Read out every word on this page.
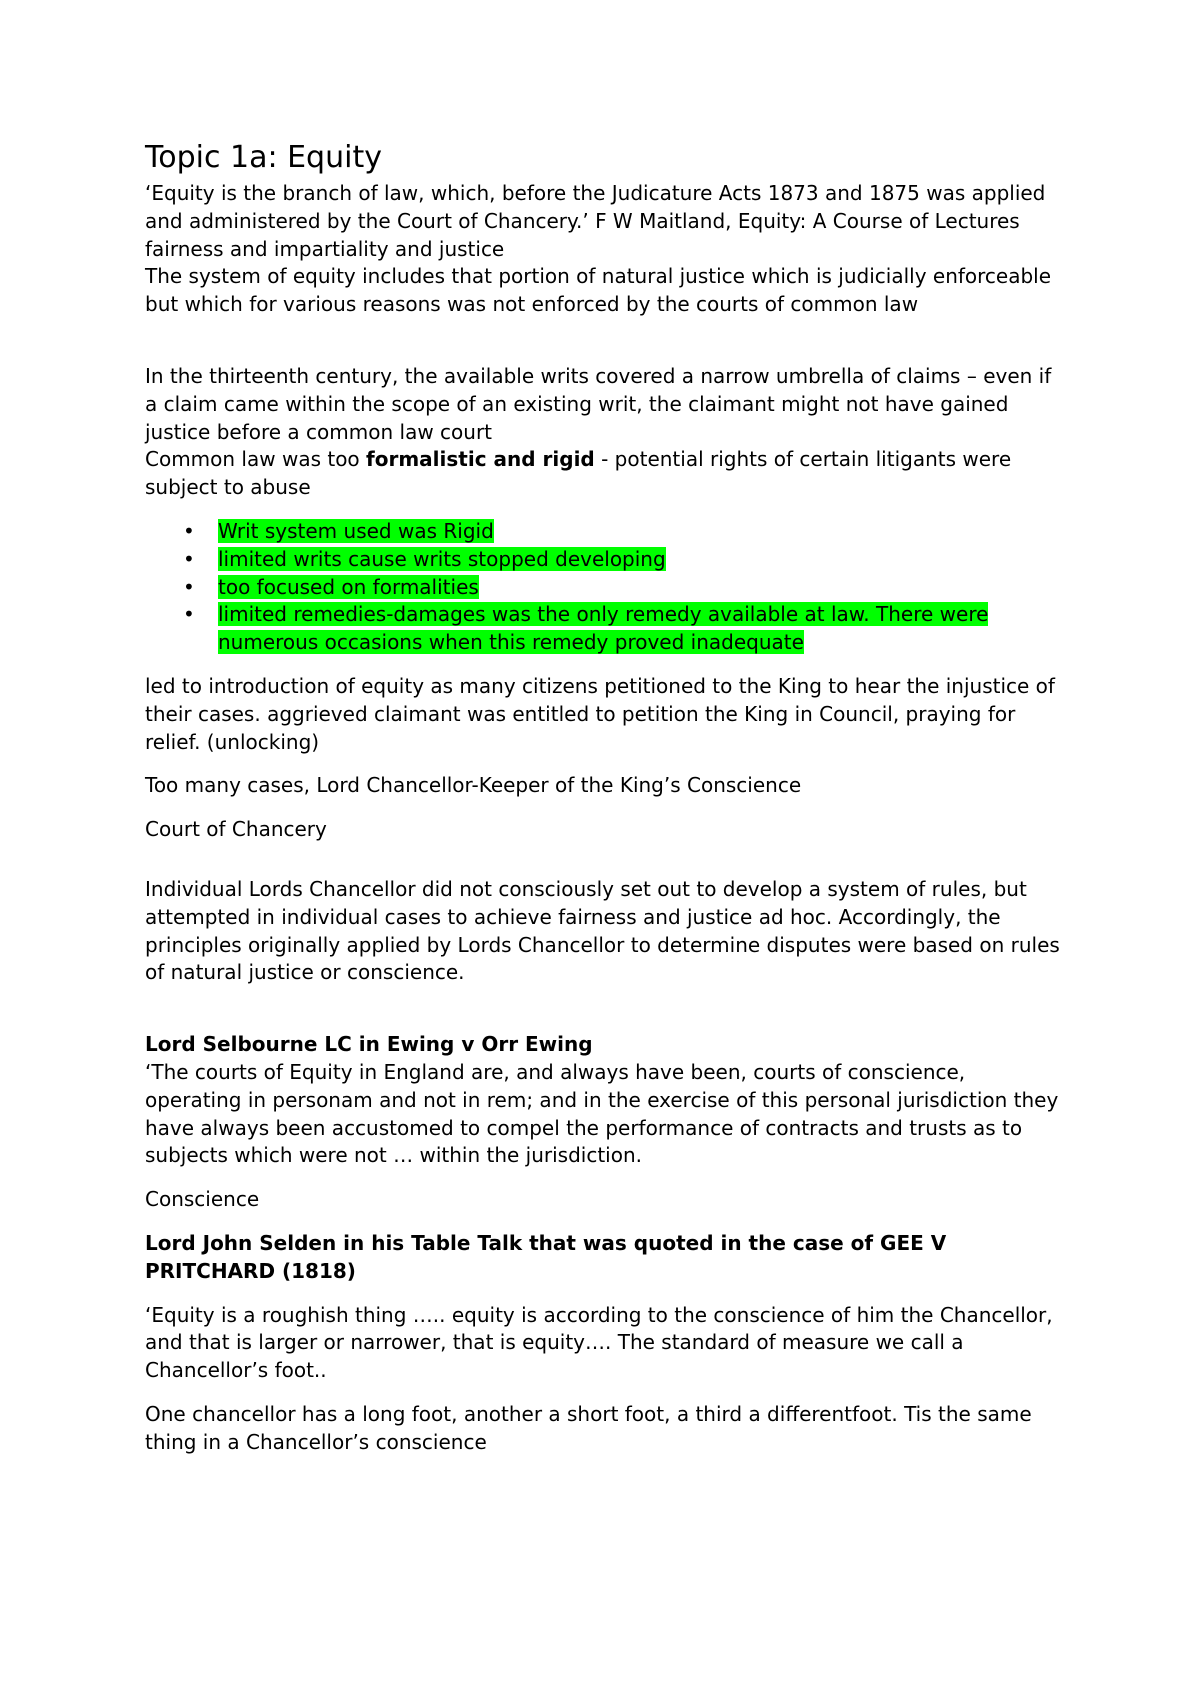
Topic 1a: Equity

‘Equity is the branch of law, which, before the Judicature Acts 1873 and 1875 was applied and administered by the Court of Chancery.’ F W Maitland, Equity: A Course of Lectures

fairness and impartiality and justice

The system of equity includes that portion of natural justice which is judicially enforceable but which for various reasons was not enforced by the courts of common law

In the thirteenth century, the available writs covered a narrow umbrella of claims – even if a claim came within the scope of an existing writ, the claimant might not have gained justice before a common law court

Common law was too formalistic and rigid - potential rights of certain litigants were subject to abuse

• Writ system used was Rigid
• limited writs cause writs stopped developing
• too focused on formalities
• limited remedies-damages was the only remedy available at law. There were numerous occasions when this remedy proved inadequate

led to introduction of equity as many citizens petitioned to the King to hear the injustice of their cases. aggrieved claimant was entitled to petition the King in Council, praying for relief. (unlocking)

Too many cases, Lord Chancellor-Keeper of the King’s Conscience

Court of Chancery

Individual Lords Chancellor did not consciously set out to develop a system of rules, but attempted in individual cases to achieve fairness and justice ad hoc. Accordingly, the principles originally applied by Lords Chancellor to determine disputes were based on rules of natural justice or conscience.

Lord Selbourne LC in Ewing v Orr Ewing

‘The courts of Equity in England are, and always have been, courts of conscience, operating in personam and not in rem; and in the exercise of this personal jurisdiction they have always been accustomed to compel the performance of contracts and trusts as to subjects which were not … within the jurisdiction.

Conscience

Lord John Selden in his Table Talk that was quoted in the case of GEE V PRITCHARD (1818)

‘Equity is a roughish thing ….. equity is according to the conscience of him the Chancellor, and that is larger or narrower, that is equity…. The standard of measure we call a Chancellor’s foot..

One chancellor has a long foot, another a short foot, a third a differentfoot. Tis the same thing in a Chancellor’s conscience
